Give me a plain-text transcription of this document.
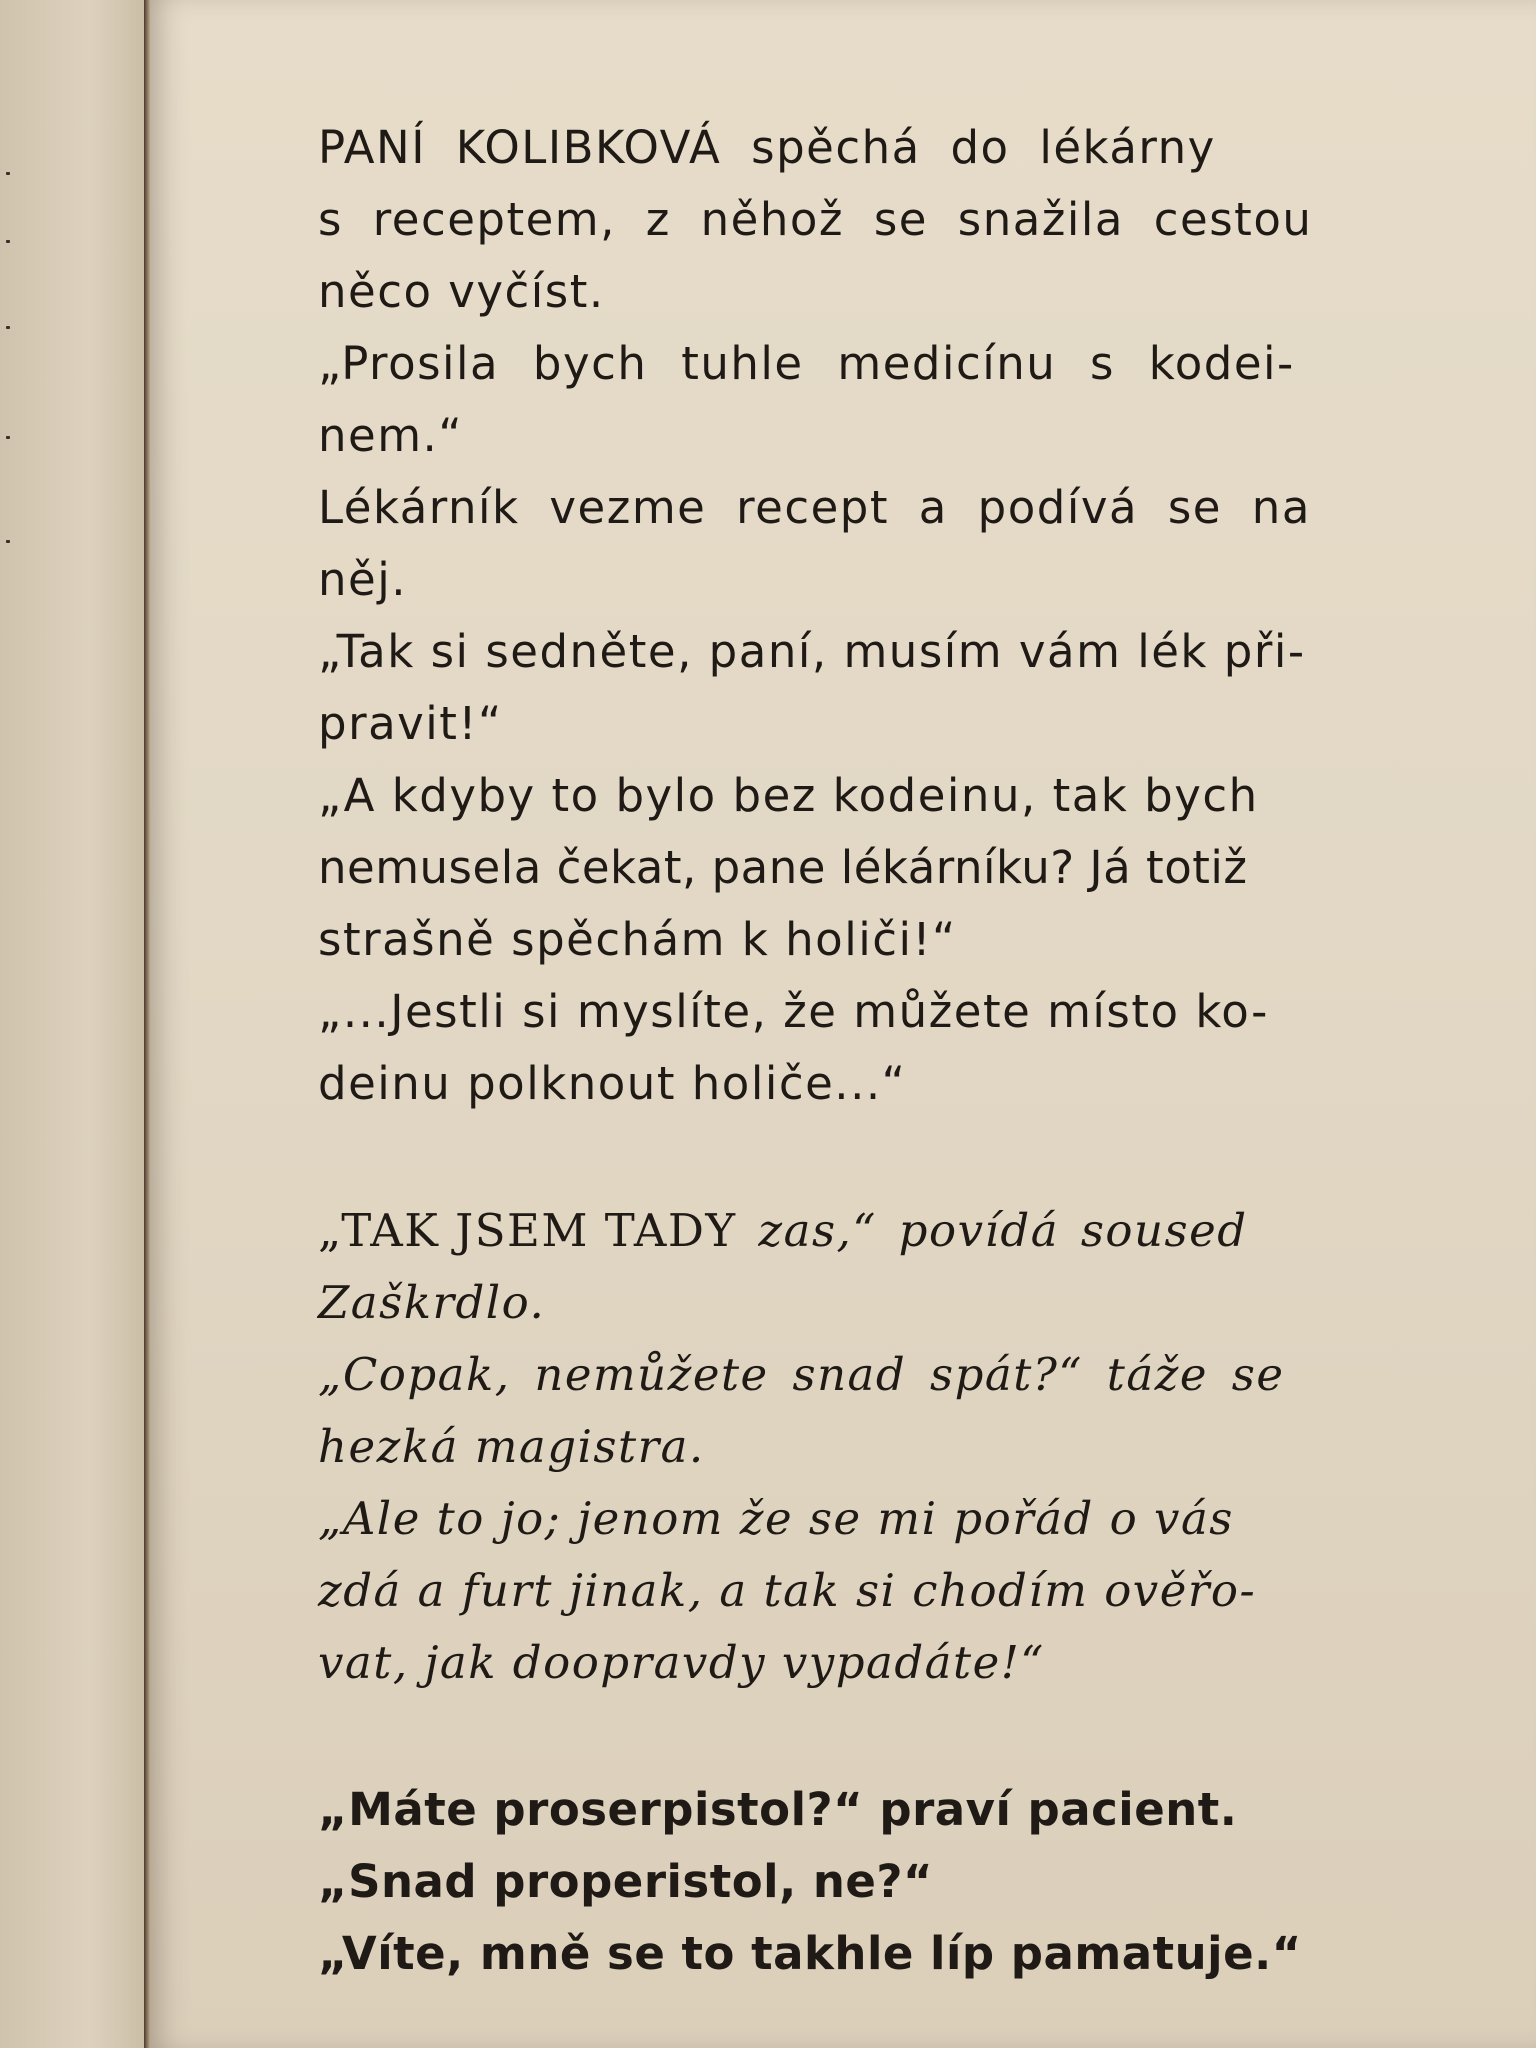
PANÍ KOLIBKOVÁ spěchá do lékárny
s receptem, z něhož se snažila cestou
něco vyčíst.
„Prosila bych tuhle medicínu s kodei-
nem.“
Lékárník vezme recept a podívá se na
něj.
„Tak si sedněte, paní, musím vám lék při-
pravit!“
„A kdyby to bylo bez kodeinu, tak bych
nemusela čekat, pane lékárníku? Já totiž
strašně spěchám k holiči!“
„...Jestli si myslíte, že můžete místo ko-
deinu polknout holiče...“
„TAK JSEM TADY zas,“ povídá soused
Zaškrdlo.
„Copak, nemůžete snad spát?“ táže se
hezká magistra.
„Ale to jo; jenom že se mi pořád o vás
zdá a furt jinak, a tak si chodím ověřo-
vat, jak doopravdy vypadáte!“
„Máte proserpistol?“ praví pacient.
„Snad properistol, ne?“
„Víte, mně se to takhle líp pamatuje.“
